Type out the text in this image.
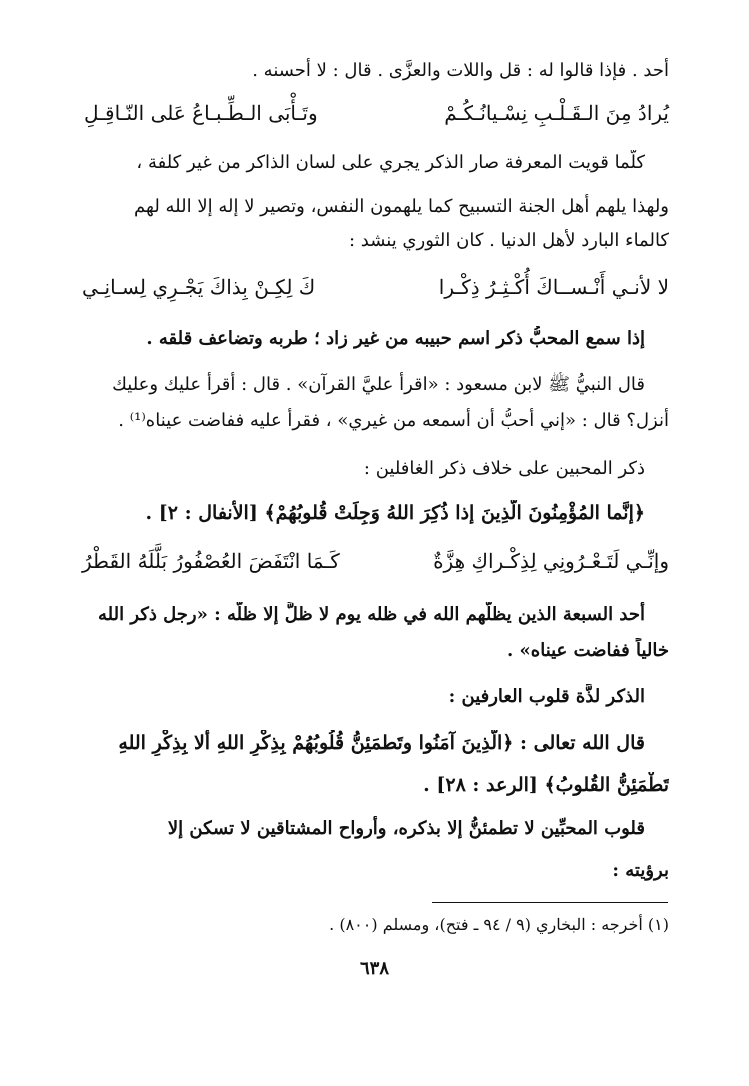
أحد . فإذا قالوا له : قل واللات والعزَّى . قال : لا أحسنه .
يُرادُ مِنَ الـقَـلْـبِ نِسْـيانُـكُـمْ
وتَـأْبَى الـطِّـبـاعُ عَلى النّـاقِـلِ
كلّما قويت المعرفة صار الذكر يجري على لسان الذاكر من غير كلفة ،
ولهذا يلهم أهل الجنة التسبيح كما يلهمون النفس، وتصير لا إله إلا الله لهم
كالماء البارد لأهل الدنيا . كان الثوري ينشد :
لا لأنـي أَنْـســاكَ أُكْـثِـرُ ذِكْـرا
كَ لِكِـنْ بِذاكَ يَجْـرِي لِسـانِـي
إذا سمع المحبُّ ذكر اسم حبيبه من غير زاد ؛ طربه وتضاعف قلقه .
قال النبيُّ ﷺ لابن مسعود : «اقرأ عليَّ القرآن» . قال : أقرأ عليك وعليك
أنزل؟ قال : «إني أحبُّ أن أسمعه من غيري» ، فقرأ عليه ففاضت عيناه⁽¹⁾ .
ذكر المحبين على خلاف ذكر الغافلين :
﴿إنَّما المُؤْمِنُونَ الَّذِينَ إذا ذُكِرَ اللهُ وَجِلَتْ قُلوبُهُمْ﴾ [الأنفال : ٢] .
وإنِّـي لَتَـعْـرُونِي لِذِكْـراكِ هِزَّةٌ
كَـمَا انْتَفَضَ العُصْفُورُ بَلَّلَهُ القَطْرُ
أحد السبعة الذين يظلُّهم الله في ظله يوم لا ظلَّ إلا ظلُّه : «رجل ذكر الله
خالياً ففاضت عيناه» .
الذكر لذَّة قلوب العارفين :
قال الله تعالى : ﴿الَّذِينَ آمَنُوا وتَطمَئِنُّ قُلُوبُهُمْ بِذِكْرِ اللهِ ألا بِذِكْرِ اللهِ
تَطْمَئِنُّ القُلوبُ﴾ [الرعد : ٢٨] .
قلوب المحبِّين لا تطمئنُّ إلا بذكره، وأرواح المشتاقين لا تسكن إلا
برؤيته :
(١) أخرجه : البخاري (٩ / ٩٤ ـ فتح)، ومسلم (٨٠٠) .
٦٣٨
